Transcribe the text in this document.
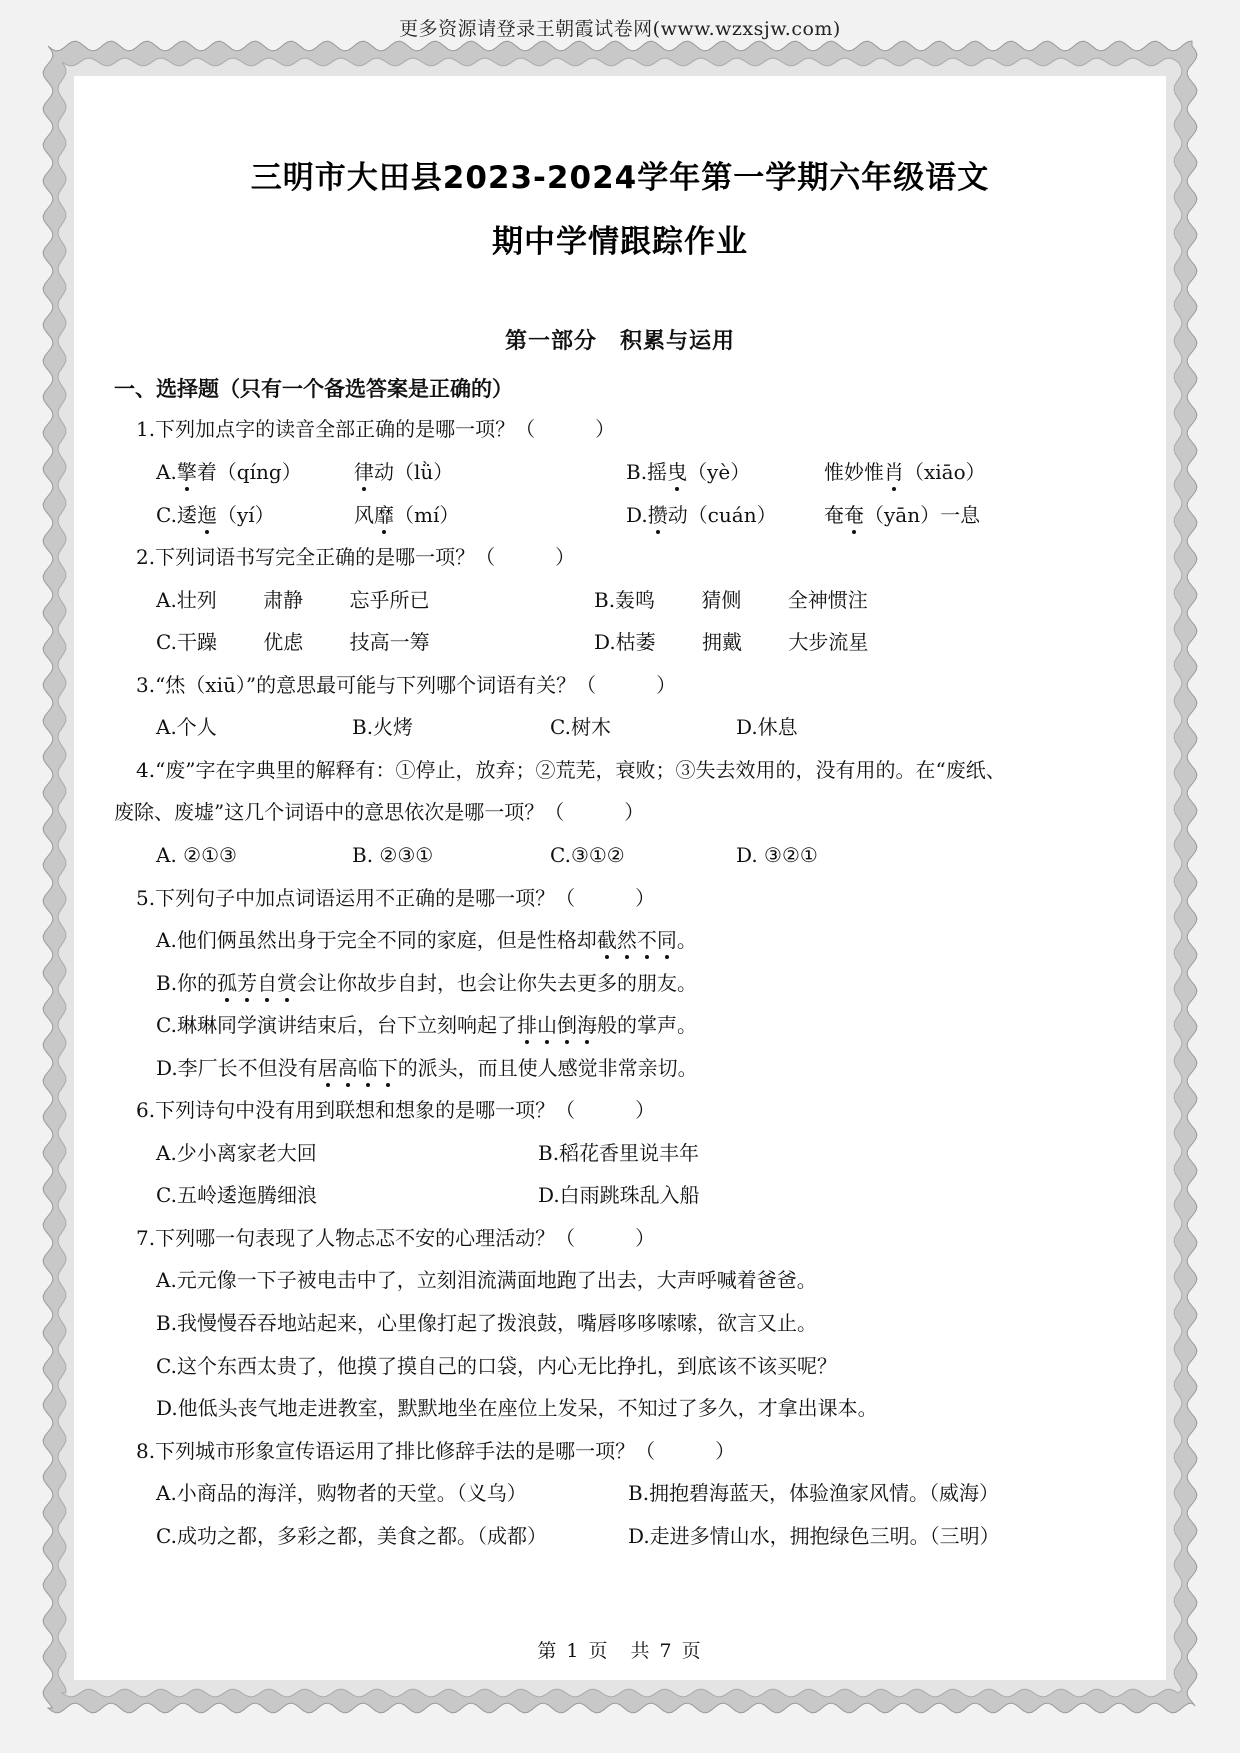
更多资源请登录王朝霞试卷网(www.wzxsjw.com)
三明市大田县2023-2024学年第一学期六年级语文
期中学情跟踪作业
第一部分　积累与运用
一、选择题（只有一个备选答案是正确的）
1.下列加点字的读音全部正确的是哪一项？（　　　）
A.擎着（qíng）	律动（lǜ）	B.摇曳（yè）	惟妙惟肖（xiāo）
C.逶迤（yí）	风靡（mí）	D.攒动（cuán） 奄奄（yān）一息
2.下列词语书写完全正确的是哪一项？（　　　）
A.壮列　　 肃静　　 忘乎所已	B.轰鸣　　 猜侧　　 全神惯注
C.干躁　　 优虑　　 技高一筹	D.枯萎　　 拥戴　　 大步流星
3.“烋（xiū）”的意思最可能与下列哪个词语有关？（　　　）
A.个人	B.火烤	C.树木	D.休息
4.“废”字在字典里的解释有：①停止，放弃；②荒芜，衰败；③失去效用的，没有用的。在“废纸、
废除、废墟”这几个词语中的意思依次是哪一项？（　　　）
A. ②①③	B. ②③①	C.③①②	D. ③②①
5.下列句子中加点词语运用不正确的是哪一项？（　　　）
A.他们俩虽然出身于完全不同的家庭，但是性格却截然不同。
B.你的孤芳自赏会让你故步自封，也会让你失去更多的朋友。
C.琳琳同学演讲结束后，台下立刻响起了排山倒海般的掌声。
D.李厂长不但没有居高临下的派头，而且使人感觉非常亲切。
6.下列诗句中没有用到联想和想象的是哪一项？（　　　）
A.少小离家老大回	B.稻花香里说丰年
C.五岭逶迤腾细浪	D.白雨跳珠乱入船
7.下列哪一句表现了人物忐忑不安的心理活动？（　　　）
A.元元像一下子被电击中了，立刻泪流满面地跑了出去，大声呼喊着爸爸。
B.我慢慢吞吞地站起来，心里像打起了拨浪鼓，嘴唇哆哆嗦嗦，欲言又止。
C.这个东西太贵了，他摸了摸自己的口袋，内心无比挣扎，到底该不该买呢？
D.他低头丧气地走进教室，默默地坐在座位上发呆，不知过了多久，才拿出课本。
8.下列城市形象宣传语运用了排比修辞手法的是哪一项？（　　　）
A.小商品的海洋，购物者的天堂。（义乌）	B.拥抱碧海蓝天，体验渔家风情。（威海）
C.成功之都，多彩之都，美食之都。（成都）	D.走进多情山水，拥抱绿色三明。（三明）
第 1 页　共 7 页
